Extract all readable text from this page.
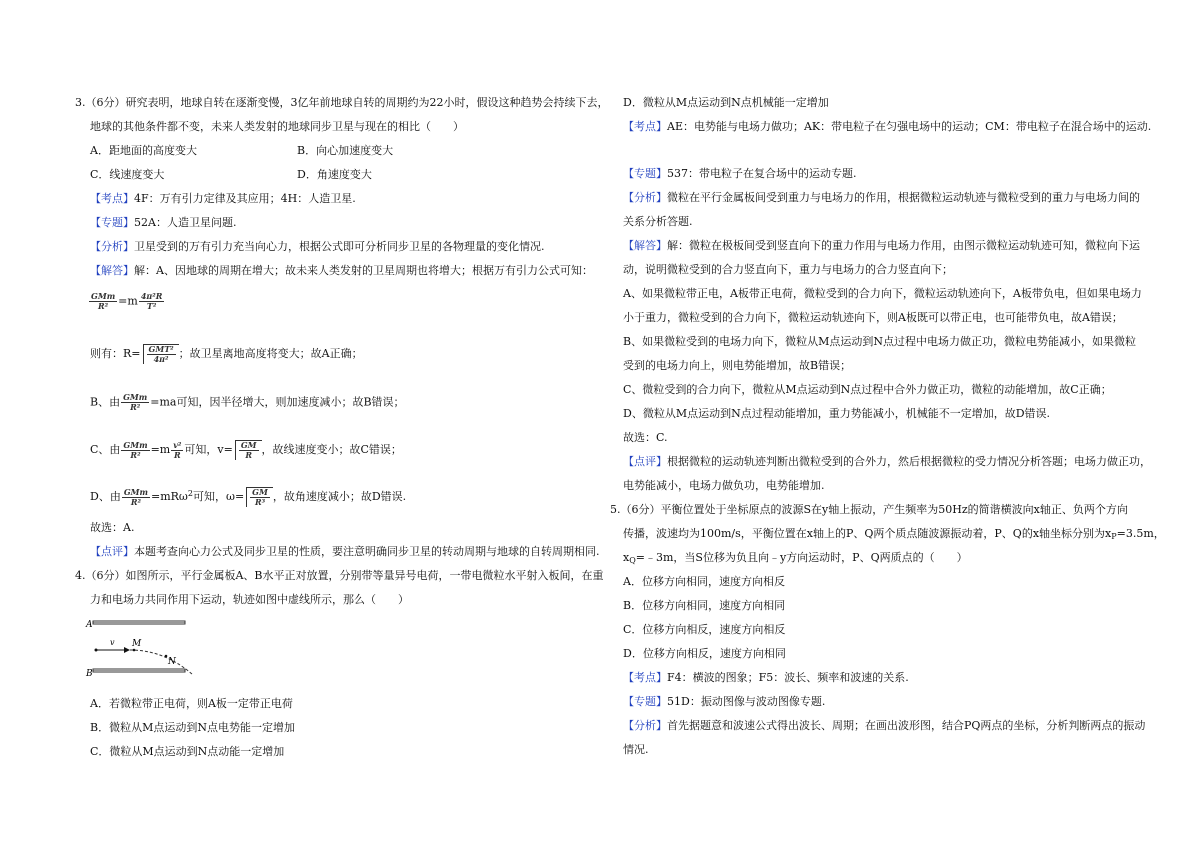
3.（6分）研究表明，地球自转在逐渐变慢，3亿年前地球自转的周期约为22小时，假设这种趋势会持续下去，
地球的其他条件都不变，未来人类发射的地球同步卫星与现在的相比（　　）
A．距地面的高度变大	B．向心加速度变大
C．线速度变大	D．角速度变大
【考点】4F：万有引力定律及其应用；4H：人造卫星.
【专题】52A：人造卫星问题.
【分析】卫星受到的万有引力充当向心力，根据公式即可分析同步卫星的各物理量的变化情况.
【解答】解：A、因地球的周期在增大；故未来人类发射的卫星周期也将增大；根据万有引力公式可知：
$\frac{\text{GMm}}{\text{R²}} =m \frac{\text{4π²R}}{\text{T²}}$
则有：$R= \frac{\text{GMT²}}{\text{4π²}}$ ；故卫星离地高度将变大；故A正确；
B、由 $\frac{\text{GMm}}{\text{R²}} =ma$可知，因半径增大，则加速度减小；故B错误；
C、由 $\frac{\text{GMm}}{\text{R²}} =m \frac{\text{v²}}{R}$ 可知，$v= \frac{GM}{R}$ ，故线速度变小；故C错误；
D、由 $\frac{\text{GMm}}{\text{R²}} =mR\omega^2$可知，$\omega= \frac{GM}{\text{R³}}$ ，故角速度减小；故D错误.
故选：A.
【点评】本题考查向心力公式及同步卫星的性质，要注意明确同步卫星的转动周期与地球的自转周期相同.
4.（6分）如图所示，平行金属板A、B水平正对放置，分别带等量异号电荷，一带电微粒水平射入板间，在重
力和电场力共同作用下运动，轨迹如图中虚线所示，那么（　　）
A
B
v M
N
A．若微粒带正电荷，则A板一定带正电荷
B．微粒从M点运动到N点电势能一定增加
C．微粒从M点运动到N点动能一定增加
D．微粒从M点运动到N点机械能一定增加
【考点】AE：电势能与电场力做功；AK：带电粒子在匀强电场中的运动；CM：带电粒子在混合场中的运动.
【专题】537：带电粒子在复合场中的运动专题.
【分析】微粒在平行金属板间受到重力与电场力的作用，根据微粒运动轨迹与微粒受到的重力与电场力间的
关系分析答题.
【解答】解：微粒在极板间受到竖直向下的重力作用与电场力作用，由图示微粒运动轨迹可知，微粒向下运
动，说明微粒受到的合力竖直向下，重力与电场力的合力竖直向下；
A、如果微粒带正电，A板带正电荷，微粒受到的合力向下，微粒运动轨迹向下，A板带负电，但如果电场力
小于重力，微粒受到的合力向下，微粒运动轨迹向下，则A板既可以带正电，也可能带负电，故A错误；
B、如果微粒受到的电场力向下，微粒从M点运动到N点过程中电场力做正功，微粒电势能减小，如果微粒
受到的电场力向上，则电势能增加，故B错误；
C、微粒受到的合力向下，微粒从M点运动到N点过程中合外力做正功，微粒的动能增加，故C正确；
D、微粒从M点运动到N点过程动能增加，重力势能减小，机械能不一定增加，故D错误.
故选：C.
【点评】根据微粒的运动轨迹判断出微粒受到的合外力，然后根据微粒的受力情况分析答题；电场力做正功，
电势能减小，电场力做负功，电势能增加.
5.（6分）平衡位置处于坐标原点的波源S在y轴上振动，产生频率为50Hz的简谐横波向x轴正、负两个方向
传播，波速均为100m/s，平衡位置在x轴上的P、Q两个质点随波源振动着，P、Q的x轴坐标分别为$x_P=3.5m$，
$x_Q=﹣3m$，当S位移为负且向﹣y方向运动时，P、Q两质点的（　　）
A．位移方向相同，速度方向相反
B．位移方向相同，速度方向相同
C．位移方向相反，速度方向相反
D．位移方向相反，速度方向相同
【考点】F4：横波的图象；F5：波长、频率和波速的关系.
【专题】51D：振动图像与波动图像专题.
【分析】首先据题意和波速公式得出波长、周期；在画出波形图，结合PQ两点的坐标，分析判断两点的振动
情况.
